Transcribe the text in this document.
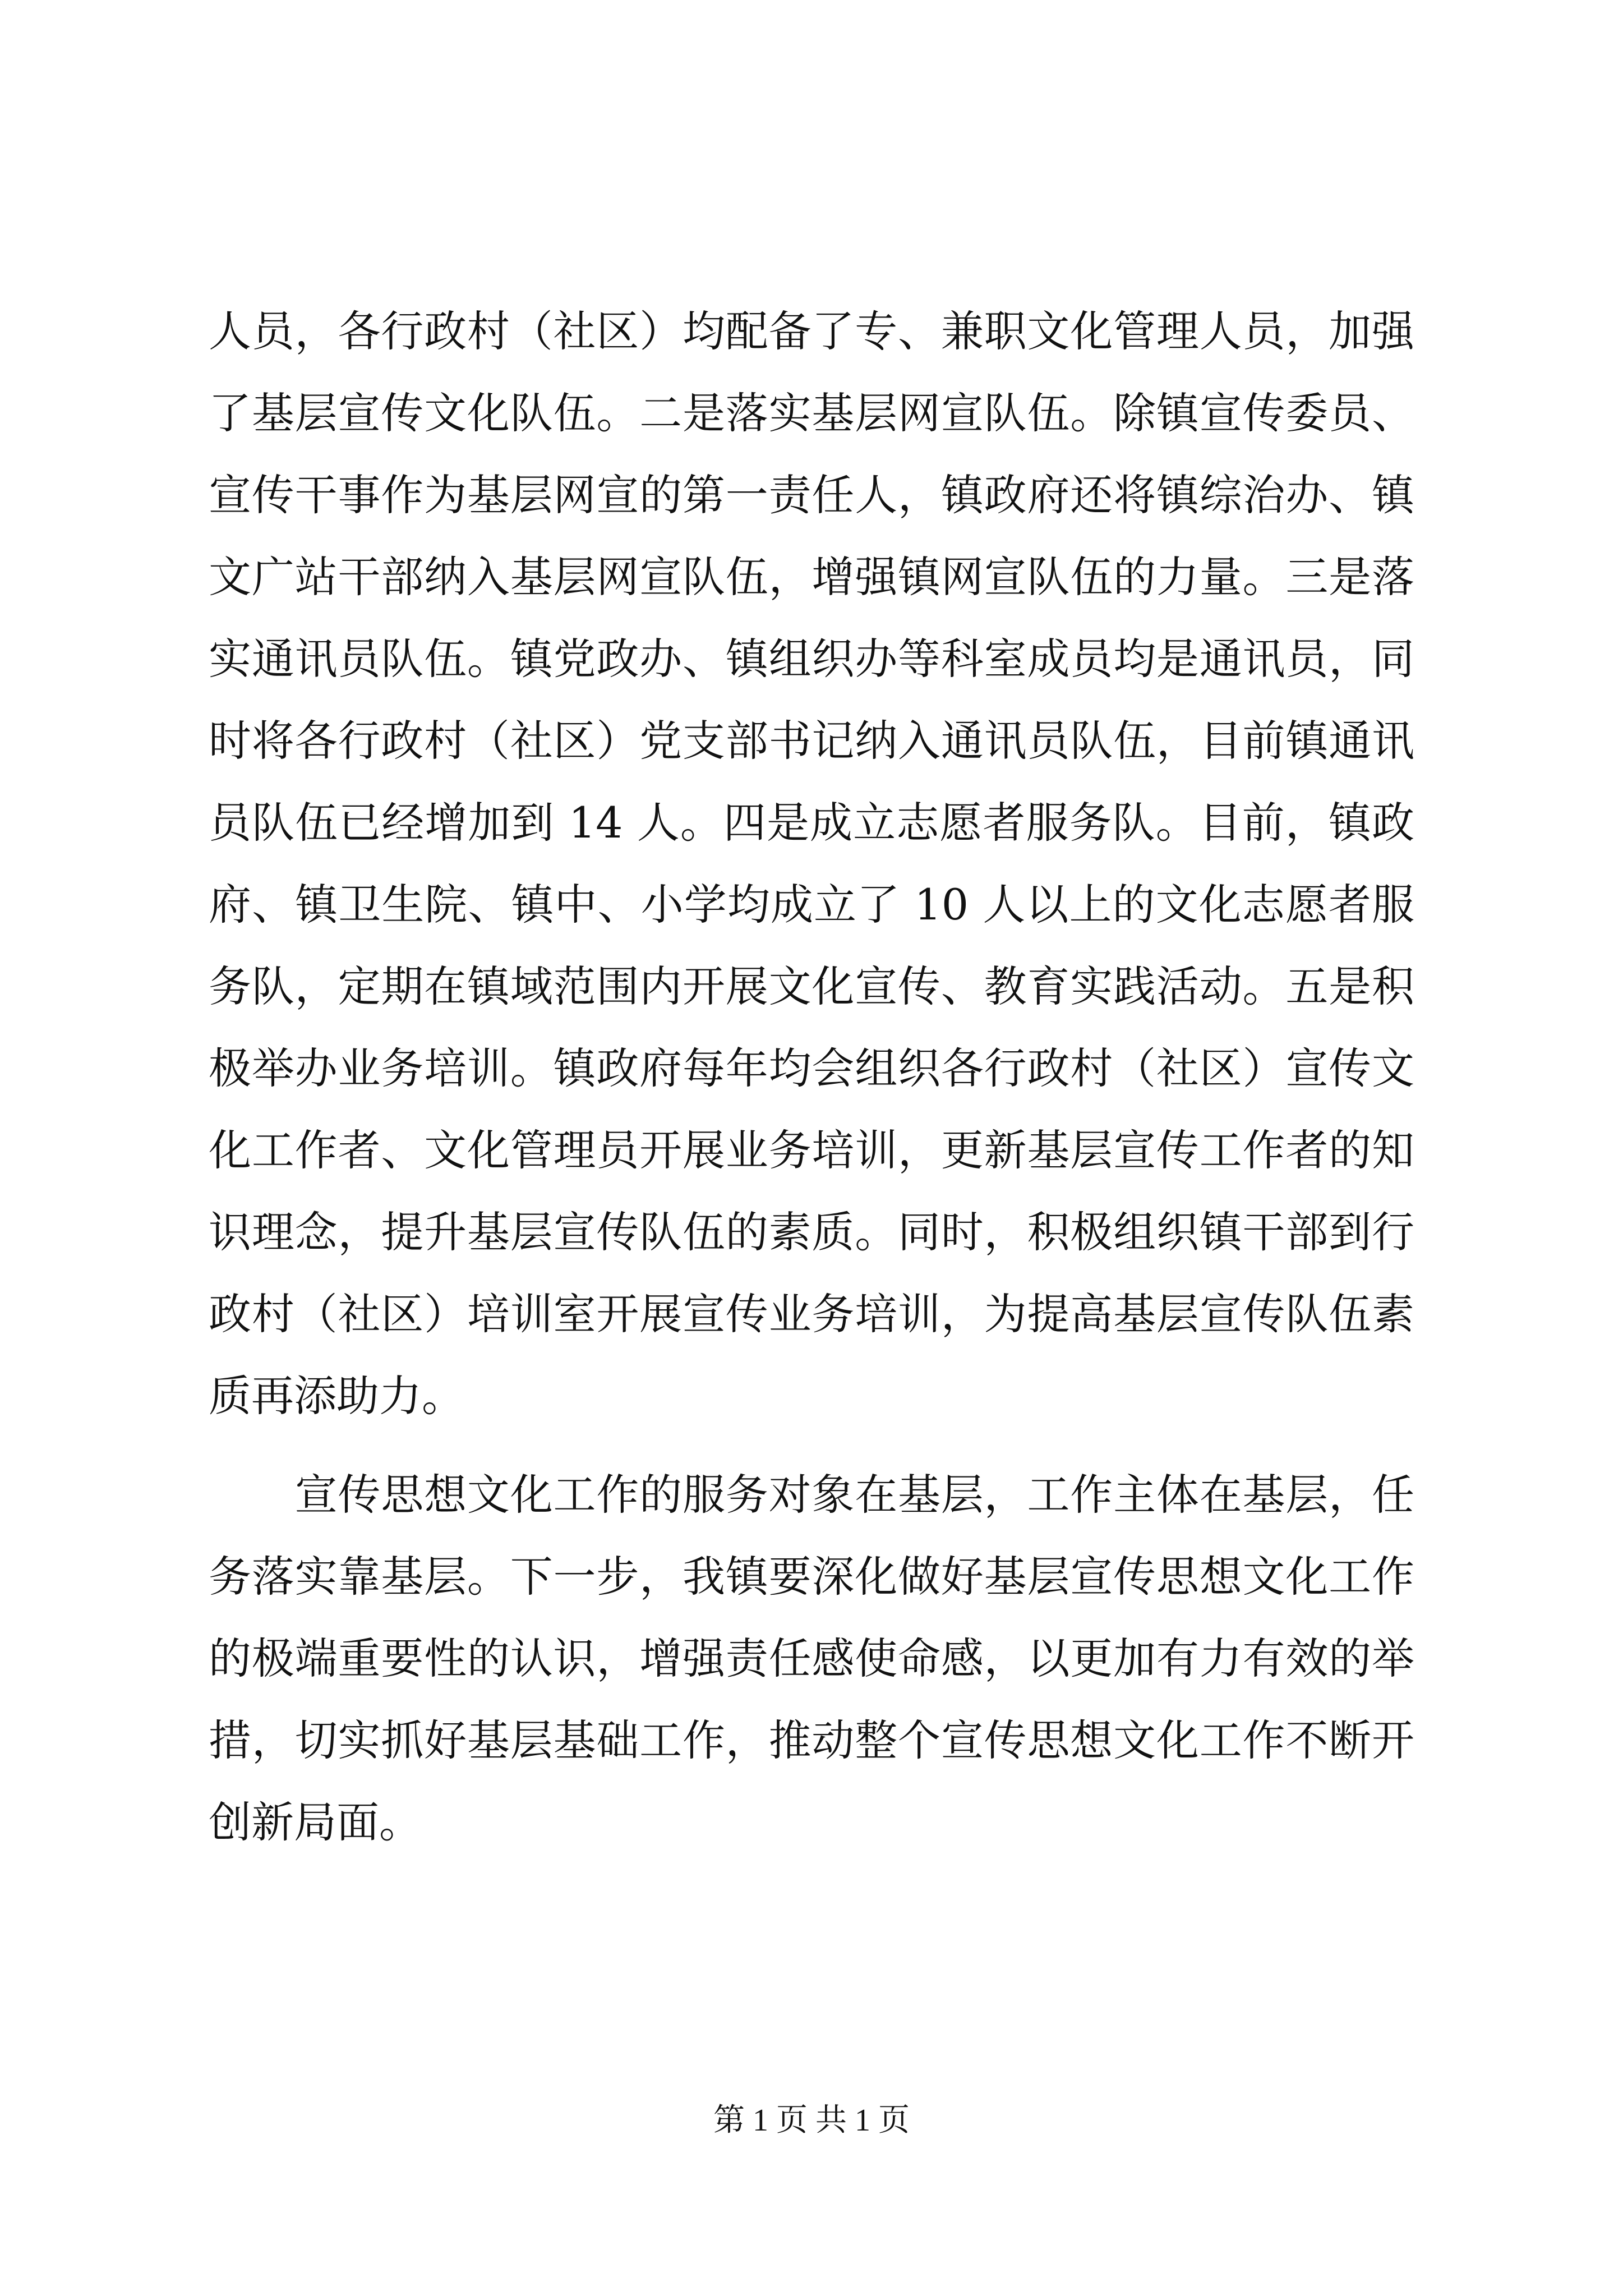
人员，各行政村（社区）均配备了专、兼职文化管理人员，加强
了基层宣传文化队伍。二是落实基层网宣队伍。除镇宣传委员、
宣传干事作为基层网宣的第一责任人，镇政府还将镇综治办、镇
文广站干部纳入基层网宣队伍，增强镇网宣队伍的力量。三是落
实通讯员队伍。镇党政办、镇组织办等科室成员均是通讯员，同
时将各行政村（社区）党支部书记纳入通讯员队伍，目前镇通讯
员队伍已经增加到 14 人。四是成立志愿者服务队。目前，镇政
府、镇卫生院、镇中、小学均成立了 10 人以上的文化志愿者服
务队，定期在镇域范围内开展文化宣传、教育实践活动。五是积
极举办业务培训。镇政府每年均会组织各行政村（社区）宣传文
化工作者、文化管理员开展业务培训，更新基层宣传工作者的知
识理念，提升基层宣传队伍的素质。同时，积极组织镇干部到行
政村（社区）培训室开展宣传业务培训，为提高基层宣传队伍素
质再添助力。
　　宣传思想文化工作的服务对象在基层，工作主体在基层，任
务落实靠基层。下一步，我镇要深化做好基层宣传思想文化工作
的极端重要性的认识，增强责任感使命感，以更加有力有效的举
措，切实抓好基层基础工作，推动整个宣传思想文化工作不断开
创新局面。
第 1 页 共 1 页
